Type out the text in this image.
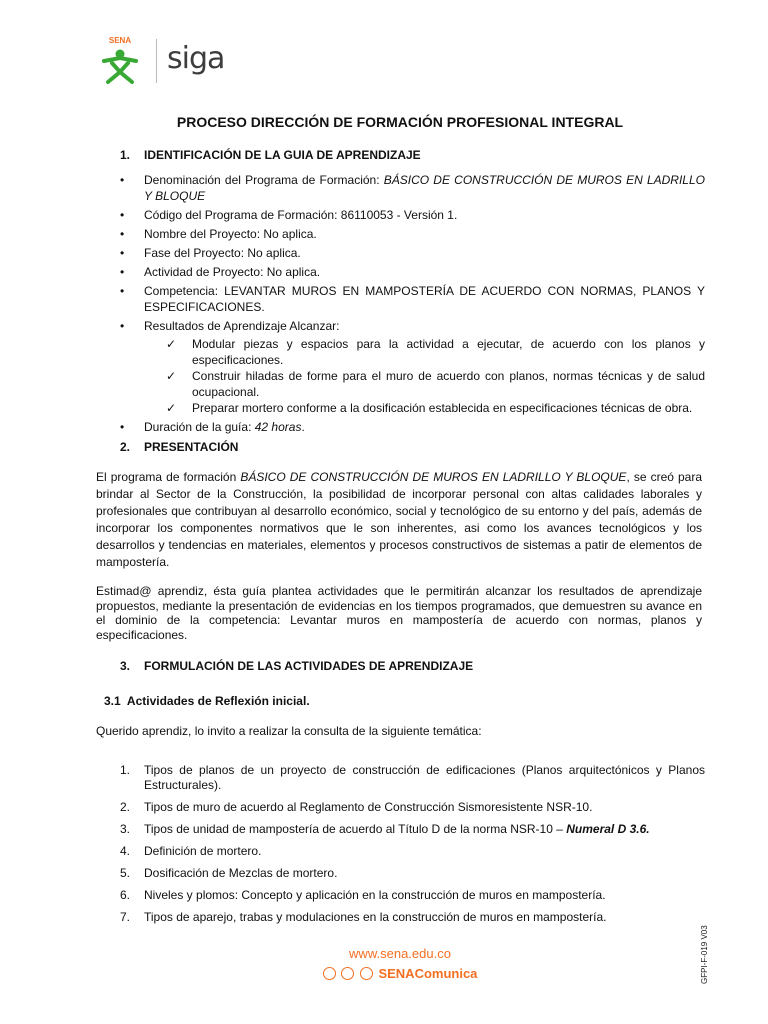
SENA
siga
PROCESO DIRECCIÓN DE FORMACIÓN PROFESIONAL INTEGRAL
1. IDENTIFICACIÓN DE LA GUIA DE APRENDIZAJE
• Denominación del Programa de Formación: BÁSICO DE CONSTRUCCIÓN DE MUROS EN LADRILLO Y BLOQUE
• Código del Programa de Formación: 86110053 - Versión 1.
• Nombre del Proyecto: No aplica.
• Fase del Proyecto: No aplica.
• Actividad de Proyecto: No aplica.
• Competencia: LEVANTAR MUROS EN MAMPOSTERÍA DE ACUERDO CON NORMAS, PLANOS Y ESPECIFICACIONES.
• Resultados de Aprendizaje Alcanzar:
✓ Modular piezas y espacios para la actividad a ejecutar, de acuerdo con los planos y especificaciones.
✓ Construir hiladas de forme para el muro de acuerdo con planos, normas técnicas y de salud ocupacional.
✓ Preparar mortero conforme a la dosificación establecida en especificaciones técnicas de obra.
• Duración de la guía: 42 horas.
2. PRESENTACIÓN

El programa de formación BÁSICO DE CONSTRUCCIÓN DE MUROS EN LADRILLO Y BLOQUE, se creó para brindar al Sector de la Construcción, la posibilidad de incorporar personal con altas calidades laborales y profesionales que contribuyan al desarrollo económico, social y tecnológico de su entorno y del país, además de incorporar los componentes normativos que le son inherentes, asi como los avances tecnológicos y los desarrollos y tendencias en materiales, elementos y procesos constructivos de sistemas a patir de elementos de mampostería.

Estimad@ aprendiz, ésta guía plantea actividades que le permitirán alcanzar los resultados de aprendizaje propuestos, mediante la presentación de evidencias en los tiempos programados, que demuestren su avance en el dominio de la competencia: Levantar muros en mampostería de acuerdo con normas, planos y especificaciones.

3. FORMULACIÓN DE LAS ACTIVIDADES DE APRENDIZAJE
3.1 Actividades de Reflexión inicial.

Querido aprendiz, lo invito a realizar la consulta de la siguiente temática:

1. Tipos de planos de un proyecto de construcción de edificaciones (Planos arquitectónicos y Planos Estructurales).
2. Tipos de muro de acuerdo al Reglamento de Construcción Sismoresistente NSR-10.
3. Tipos de unidad de mampostería de acuerdo al Título D de la norma NSR-10 – Numeral D 3.6.
4. Definición de mortero.
5. Dosificación de Mezclas de mortero.
6. Niveles y plomos: Concepto y aplicación en la construcción de muros en mampostería.
7. Tipos de aparejo, trabas y modulaciones en la construcción de muros en mampostería.
www.sena.edu.co
SENAComunica	GFPI-F-019 V03
